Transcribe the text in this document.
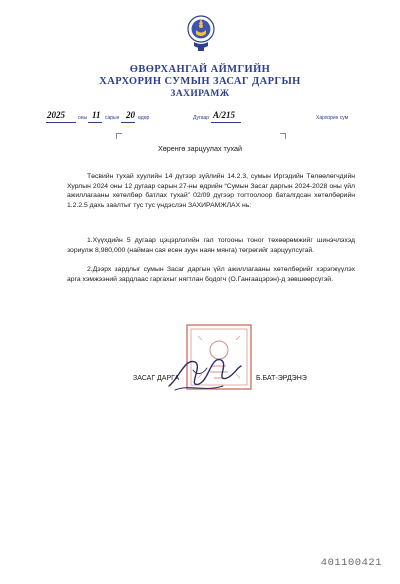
ӨВӨРХАНГАЙ АЙМГИЙН
ХАРХОРИН СУМЫН ЗАСАГ ДАРГЫН
ЗАХИРАМЖ
2025	оны 11 сарын 20 өдөр	Дугаар А/215	Хархорин сум
Хөренгө зарцуулах тухай
Төсвийн тухай хуулийн 14 дүгээр зүйлийн 14.2.3, сумын Иргэдийн Төлөөлөгчдийн Хурлын 2024 оны 12 дугаар сарын 27-ны өдрийн “Сумын Засаг даргын 2024-2028 оны үйл ажиллагааны хөтөлбөр батлах тухай” 02/09 дүгээр тогтоолоор баталгдсан хөтөлбөрийн 1.2.2.5 дахь заалтыг тус тус үндэслэн ЗАХИРАМЖЛАХ нь:
1.Хүүхдийн 5 дугаар цэцэрлэгийн гал тогооны тоног төхөөрөмжийг шинэчлэхэд зориулж 8,980,000 (найман сая есөн зуун наян мянга) төгрөгийг зарцуулсугай.
2.Дээрх зардлыг сумын Засаг даргын үйл ажиллагааны хөтөлбөрийг хэрэгжүүлэх арга хэмжээний зардлаас гаргахыг нягтлан бодогч (О.Ганғаацэрэн)-д зөвшөөрсүгэй.
ЗАСАГ ДАРГА	Б.БАТ-ЭРДЭНЭ
401100421
